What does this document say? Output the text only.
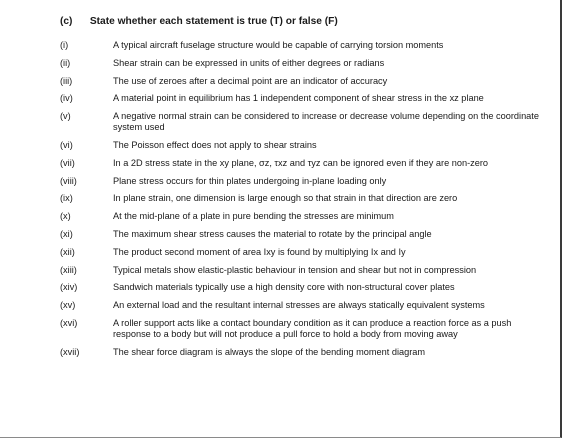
(c) State whether each statement is true (T) or false (F)
(i)	A typical aircraft fuselage structure would be capable of carrying torsion moments
(ii)	Shear strain can be expressed in units of either degrees or radians
(iii)	The use of zeroes after a decimal point are an indicator of accuracy
(iv)	A material point in equilibrium has 1 independent component of shear stress in the xz plane
(v)	A negative normal strain can be considered to increase or decrease volume depending on the coordinate system used
(vi)	The Poisson effect does not apply to shear strains
(vii)	In a 2D stress state in the xy plane, σz, τxz and τyz can be ignored even if they are non-zero
(viii)	Plane stress occurs for thin plates undergoing in-plane loading only
(ix)	In plane strain, one dimension is large enough so that strain in that direction are zero
(x)	At the mid-plane of a plate in pure bending the stresses are minimum
(xi)	The maximum shear stress causes the material to rotate by the principal angle
(xii)	The product second moment of area Ixy is found by multiplying Ix and Iy
(xiii)	Typical metals show elastic-plastic behaviour in tension and shear but not in compression
(xiv)	Sandwich materials typically use a high density core with non-structural cover plates
(xv)	An external load and the resultant internal stresses are always statically equivalent systems
(xvi)	A roller support acts like a contact boundary condition as it can produce a reaction force as a push response to a body but will not produce a pull force to hold a body from moving away
(xvii)	The shear force diagram is always the slope of the bending moment diagram
